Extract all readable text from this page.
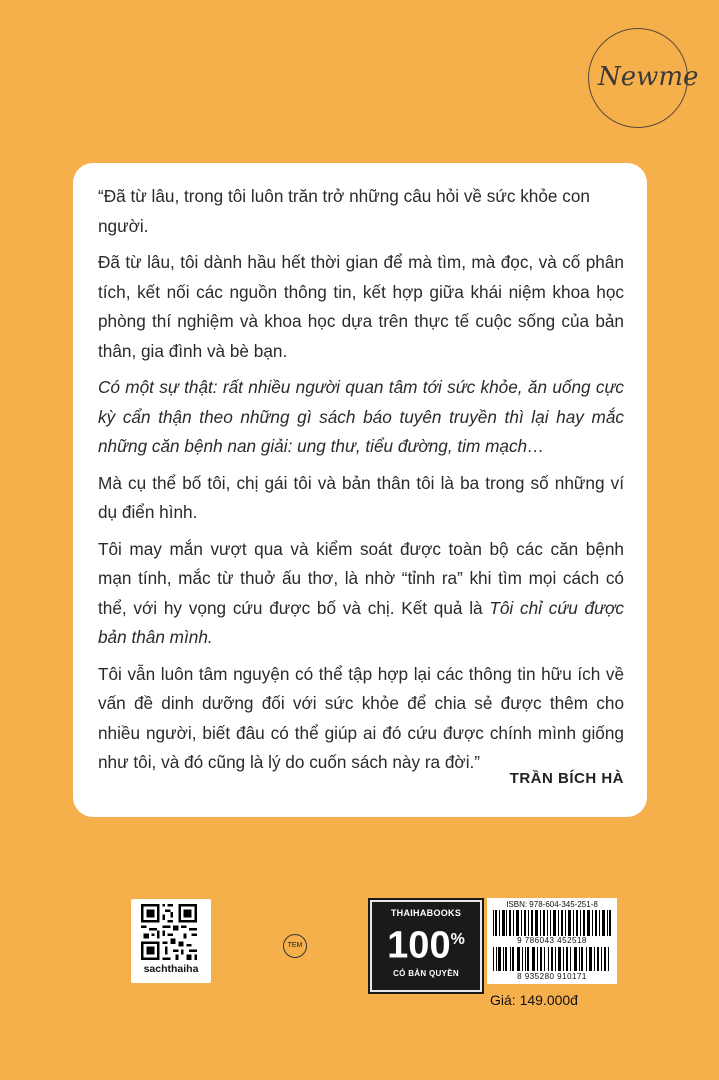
Newme

“Đã từ lâu, trong tôi luôn trăn trở những câu hỏi về sức khỏe con người.

Đã từ lâu, tôi dành hầu hết thời gian để mà tìm, mà đọc, và cố phân tích, kết nối các nguồn thông tin, kết hợp giữa khái niệm khoa học phòng thí nghiệm và khoa học dựa trên thực tế cuộc sống của bản thân, gia đình và bè bạn.

Có một sự thật: rất nhiều người quan tâm tới sức khỏe, ăn uống cực kỳ cẩn thận theo những gì sách báo tuyên truyền thì lại hay mắc những căn bệnh nan giải: ung thư, tiểu đường, tim mạch…

Mà cụ thể bố tôi, chị gái tôi và bản thân tôi là ba trong số những ví dụ điển hình.

Tôi may mắn vượt qua và kiểm soát được toàn bộ các căn bệnh mạn tính, mắc từ thuở ấu thơ, là nhờ “tỉnh ra” khi tìm mọi cách có thể, với hy vọng cứu được bố và chị. Kết quả là Tôi chỉ cứu được bản thân mình.

Tôi vẫn luôn tâm nguyện có thể tập hợp lại các thông tin hữu ích về vấn đề dinh dưỡng đối với sức khỏe để chia sẻ được thêm cho nhiều người, biết đâu có thể giúp ai đó cứu được chính mình giống như tôi, và đó cũng là lý do cuốn sách này ra đời.”

TRẦN BÍCH HÀ
sachthaiha
TEM
THAIHABOOKS
100%
CÓ BẢN QUYỀN
ISBN: 978-604-345-251-8
9 786043 452518
8 935280 910171
Giá: 149.000đ
